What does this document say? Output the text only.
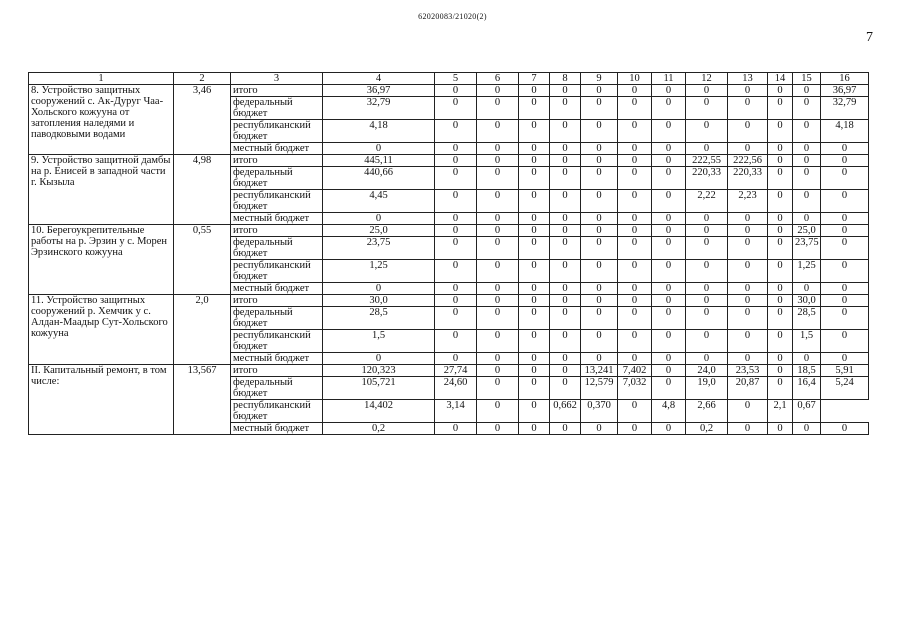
62020083/21020(2)
7
1	2	3	4	5	6	7	8	9	10	11	12	13	14	15	16
8. Устройство защитных сооружений с. Ак-Дуруг Чаа-Хольского кожууна от затопления наледями и паводковыми водами	3,46	итого	36,97	0	0	0	0	0	0	0	0	0	0	0	36,97
		федеральный бюджет	32,79	0	0	0	0	0	0	0	0	0	0	0	32,79
		республиканский бюджет	4,18	0	0	0	0	0	0	0	0	0	0	0	4,18
		местный бюджет	0	0	0	0	0	0	0	0	0	0	0	0	0
9. Устройство защитной дамбы на р. Енисей в западной части г. Кызыла	4,98	итого	445,11	0	0	0	0	0	0	0	222,55	222,56	0	0	0
		федеральный бюджет	440,66	0	0	0	0	0	0	0	220,33	220,33	0	0	0
		республиканский бюджет	4,45	0	0	0	0	0	0	0	2,22	2,23	0	0	0
		местный бюджет	0	0	0	0	0	0	0	0	0	0	0	0	0
10. Берегоукрепительные работы на р. Эрзин у с. Морен Эрзинского кожууна	0,55	итого	25,0	0	0	0	0	0	0	0	0	0	0	25,0	0
		федеральный бюджет	23,75	0	0	0	0	0	0	0	0	0	0	23,75	0
		республиканский бюджет	1,25	0	0	0	0	0	0	0	0	0	0	1,25	0
		местный бюджет	0	0	0	0	0	0	0	0	0	0	0	0	0
11. Устройство защитных сооружений р. Хемчик у с. Алдан-Маадыр Сут-Хольского кожууна	2,0	итого	30,0	0	0	0	0	0	0	0	0	0	0	30,0	0
		федеральный бюджет	28,5	0	0	0	0	0	0	0	0	0	0	28,5	0
		республиканский бюджет	1,5	0	0	0	0	0	0	0	0	0	0	1,5	0
		местный бюджет	0	0	0	0	0	0	0	0	0	0	0	0	0
II. Капитальный ремонт, в том числе:	13,567	итого	120,323	27,74	0	0	0	13,241	7,402	0	24,0	23,53	0	18,5	5,91
		федеральный бюджет	105,721	24,60	0	0	0	12,579	7,032	0	19,0	20,87	0	16,4	5,24
		республиканский бюджет	14,402	3,14	0	0	0,662	0,370	0	4,8	2,66	0	2,1	0,67	
		местный бюджет	0,2	0	0	0	0	0	0	0	0,2	0	0	0	0
